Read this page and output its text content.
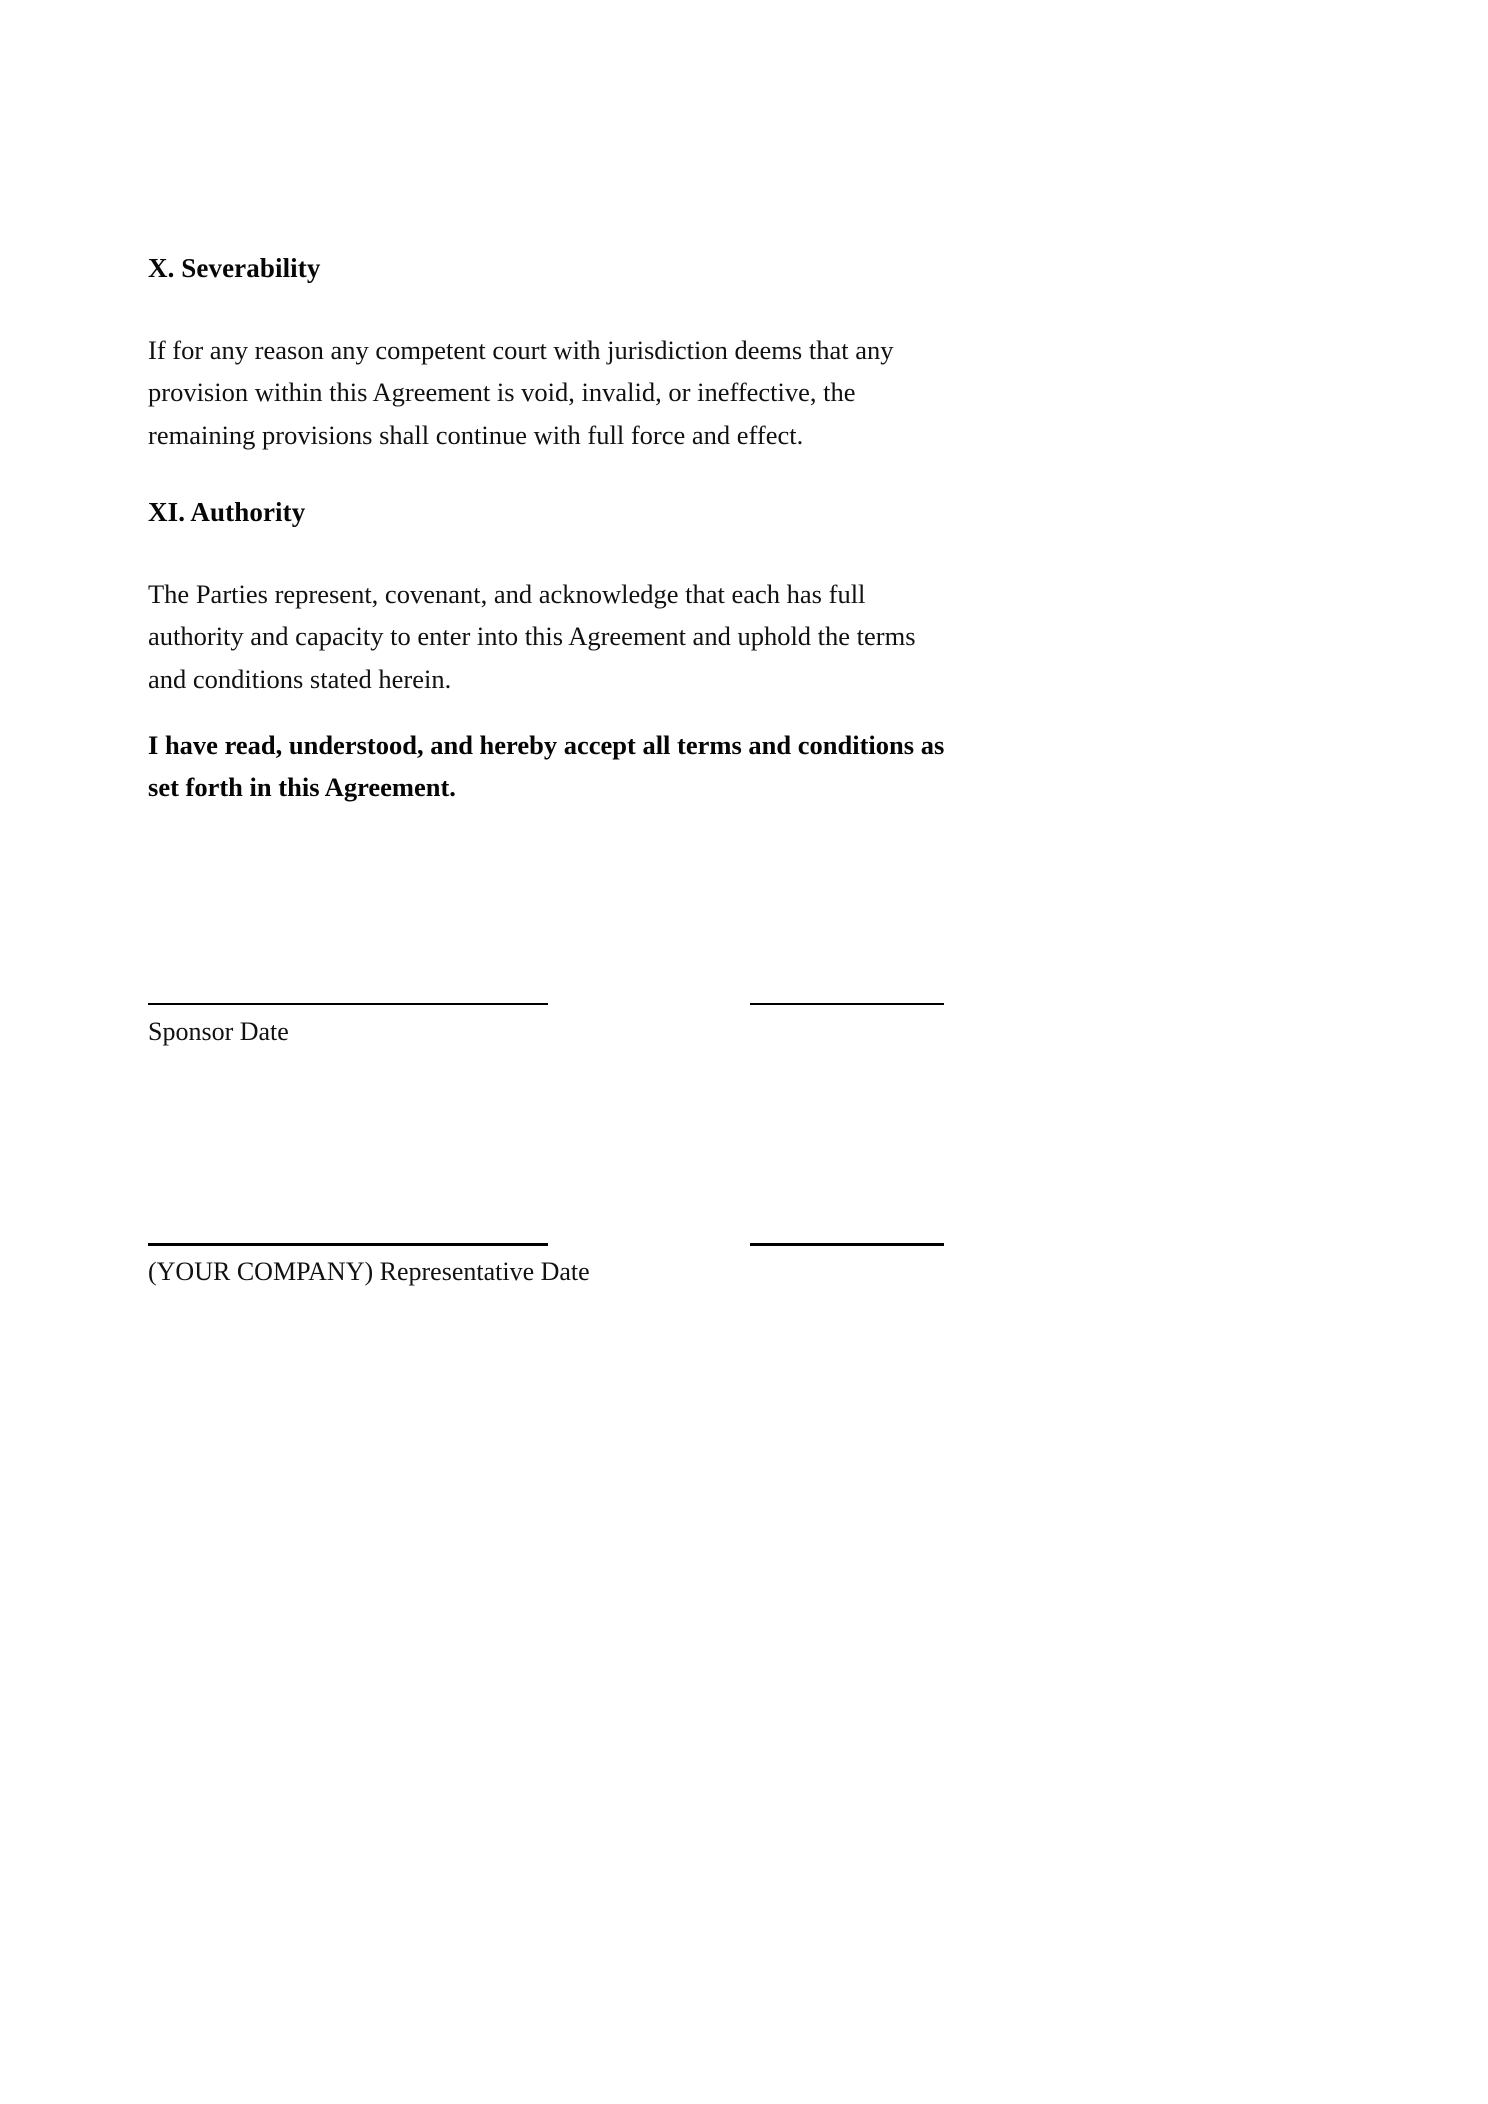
X. Severability
If for any reason any competent court with jurisdiction deems that any provision within this Agreement is void, invalid, or ineffective, the remaining provisions shall continue with full force and effect.
XI. Authority
The Parties represent, covenant, and acknowledge that each has full authority and capacity to enter into this Agreement and uphold the terms and conditions stated herein.
I have read, understood, and hereby accept all terms and conditions as set forth in this Agreement.
Sponsor Date
(YOUR COMPANY) Representative Date
